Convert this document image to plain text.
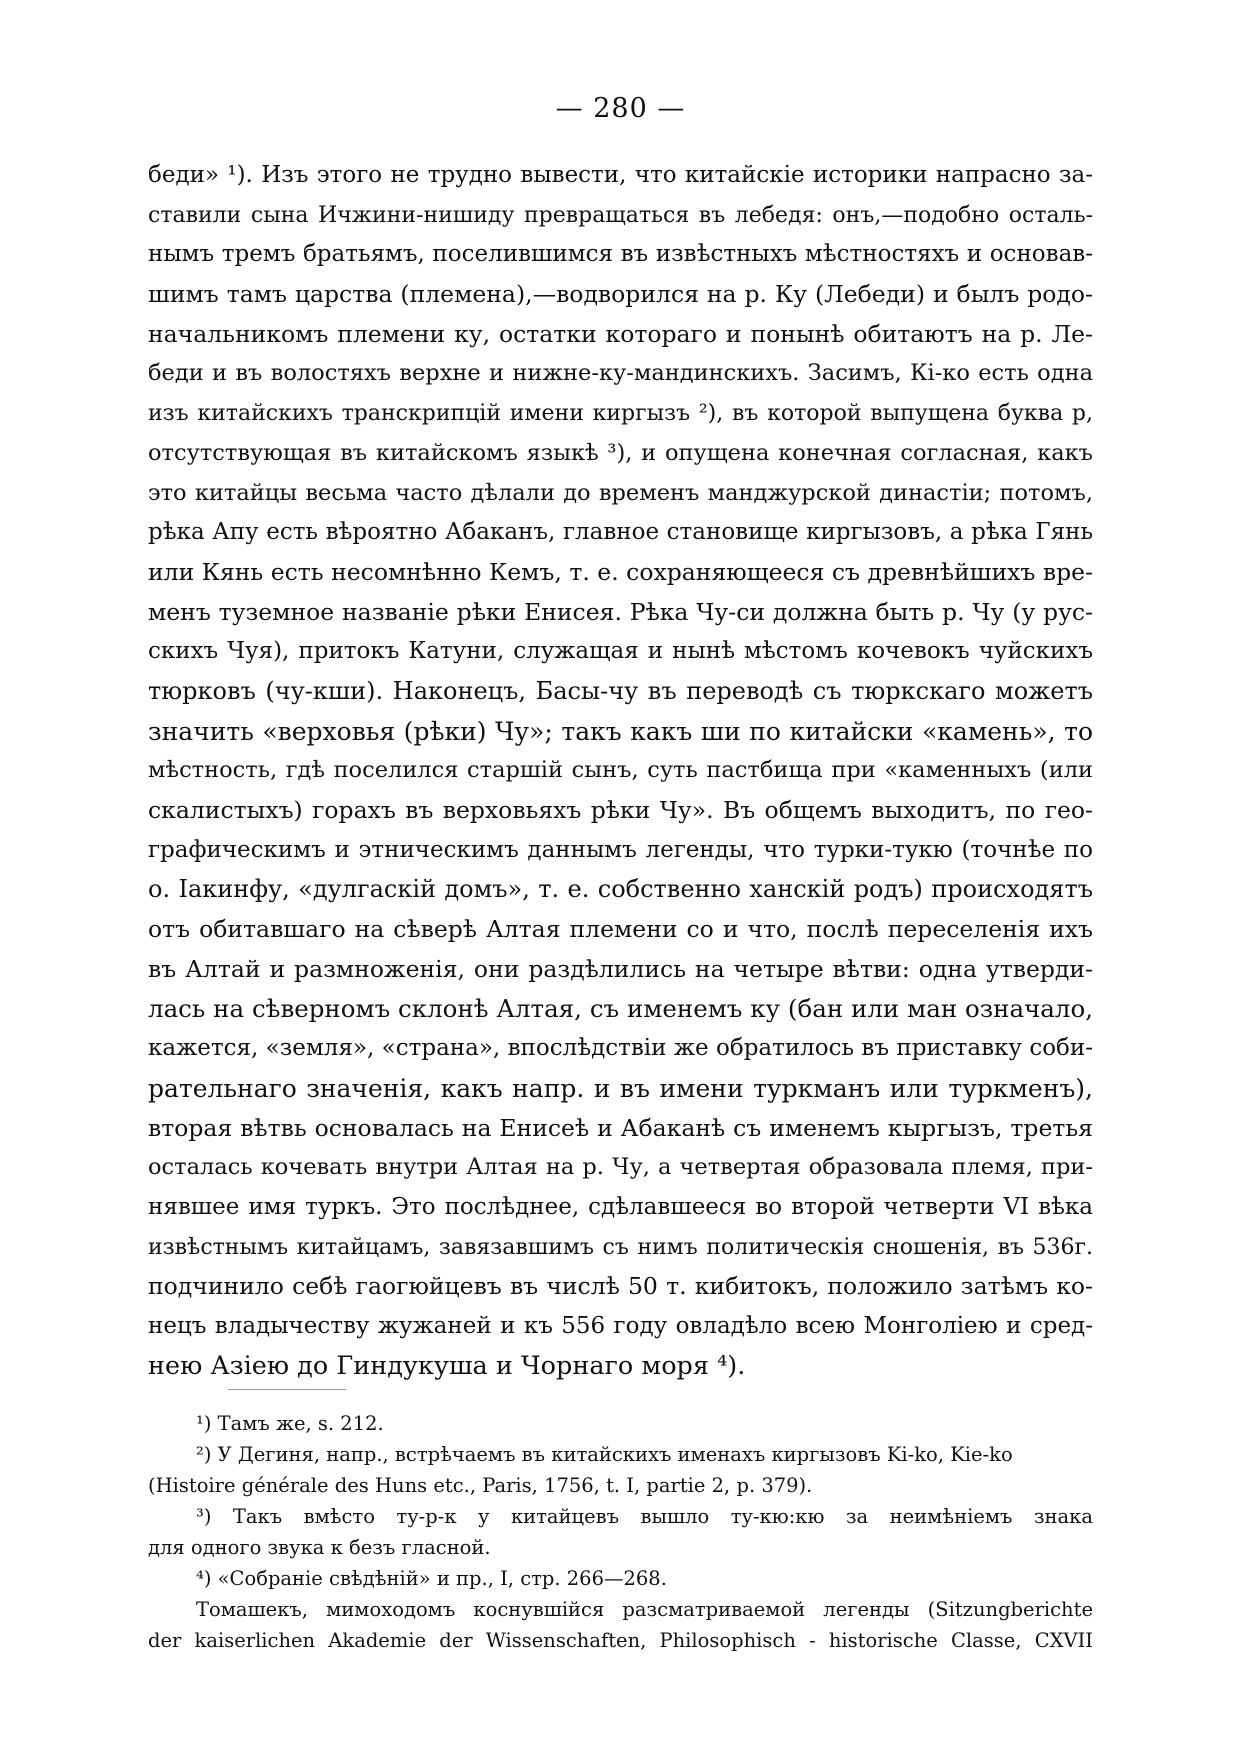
— 280 —
беди» ¹). Изъ этого не трудно вывести, что китайскіе историки напрасно за-
ставили сына Ичжини-нишиду превращаться въ лебедя: онъ,—подобно осталь-
нымъ тремъ братьямъ, поселившимся въ извѣстныхъ мѣстностяхъ и основав-
шимъ тамъ царства (племена),—водворился на р. Ку (Лебеди) и былъ родо-
начальникомъ племени ку, остатки котораго и понынѣ обитаютъ на р. Ле-
беди и въ волостяхъ верхне и нижне-ку-мандинскихъ. Засимъ, Кі-ко есть одна
изъ китайскихъ транскрипцій имени киргызъ ²), въ которой выпущена буква р,
отсутствующая въ китайскомъ языкѣ ³), и опущена конечная согласная, какъ
это китайцы весьма часто дѣлали до временъ манджурской династіи; потомъ,
рѣка Апу есть вѣроятно Абаканъ, главное становище киргызовъ, а рѣка Гянь
или Кянь есть несомнѣнно Кемъ, т. е. сохраняющееся съ древнѣйшихъ вре-
менъ туземное названіе рѣки Енисея. Рѣка Чу-си должна быть р. Чу (у рус-
скихъ Чуя), притокъ Катуни, служащая и нынѣ мѣстомъ кочевокъ чуйскихъ
тюрковъ (чу-кши). Наконецъ, Басы-чу въ переводѣ съ тюркскаго можетъ
значить «верховья (рѣки) Чу»; такъ какъ ши по китайски «камень», то
мѣстность, гдѣ поселился старшій сынъ, суть пастбища при «каменныхъ (или
скалистыхъ) горахъ въ верховьяхъ рѣки Чу». Въ общемъ выходитъ, по гео-
графическимъ и этническимъ даннымъ легенды, что турки-тукю (точнѣе по
о. Іакинфу, «дулгаскій домъ», т. е. собственно ханскій родъ) происходятъ
отъ обитавшаго на сѣверѣ Алтая племени со и что, послѣ переселенія ихъ
въ Алтай и размноженія, они раздѣлились на четыре вѣтви: одна утверди-
лась на сѣверномъ склонѣ Алтая, съ именемъ ку (бан или ман означало,
кажется, «земля», «страна», впослѣдствіи же обратилось въ приставку соби-
рательнаго значенія, какъ напр. и въ имени туркманъ или туркменъ),
вторая вѣтвь основалась на Енисеѣ и Абаканѣ съ именемъ кыргызъ, третья
осталась кочевать внутри Алтая на р. Чу, а четвертая образовала племя, при-
нявшее имя туркъ. Это послѣднее, сдѣлавшееся во второй четверти VI вѣка
извѣстнымъ китайцамъ, завязавшимъ съ нимъ политическія сношенія, въ 536г.
подчинило себѣ гаогюйцевъ въ числѣ 50 т. кибитокъ, положило затѣмъ ко-
нецъ владычеству жужаней и къ 556 году овладѣло всею Монголіею и сред-
нею Азіею до Гиндукуша и Чорнаго моря ⁴).
¹) Тамъ же, s. 212.
²) У Дегиня, напр., встрѣчаемъ въ китайскихъ именахъ киргызовъ Ki-ko, Kie-ko
(Histoire générale des Huns etc., Paris, 1756, t. I, partie 2, p. 379).
³) Такъ вмѣсто ту-р-к у китайцевъ вышло ту-кю:кю за неимѣніемъ знака
для одного звука к безъ гласной.
⁴) «Собраніе свѣдѣній» и пр., I, стр. 266—268.
Томашекъ, мимоходомъ коснувшійся разсматриваемой легенды (Sitzungberichte
der kaiserlichen Akademie der Wissenschaften, Philosophisch - historische Classe, CXVII
